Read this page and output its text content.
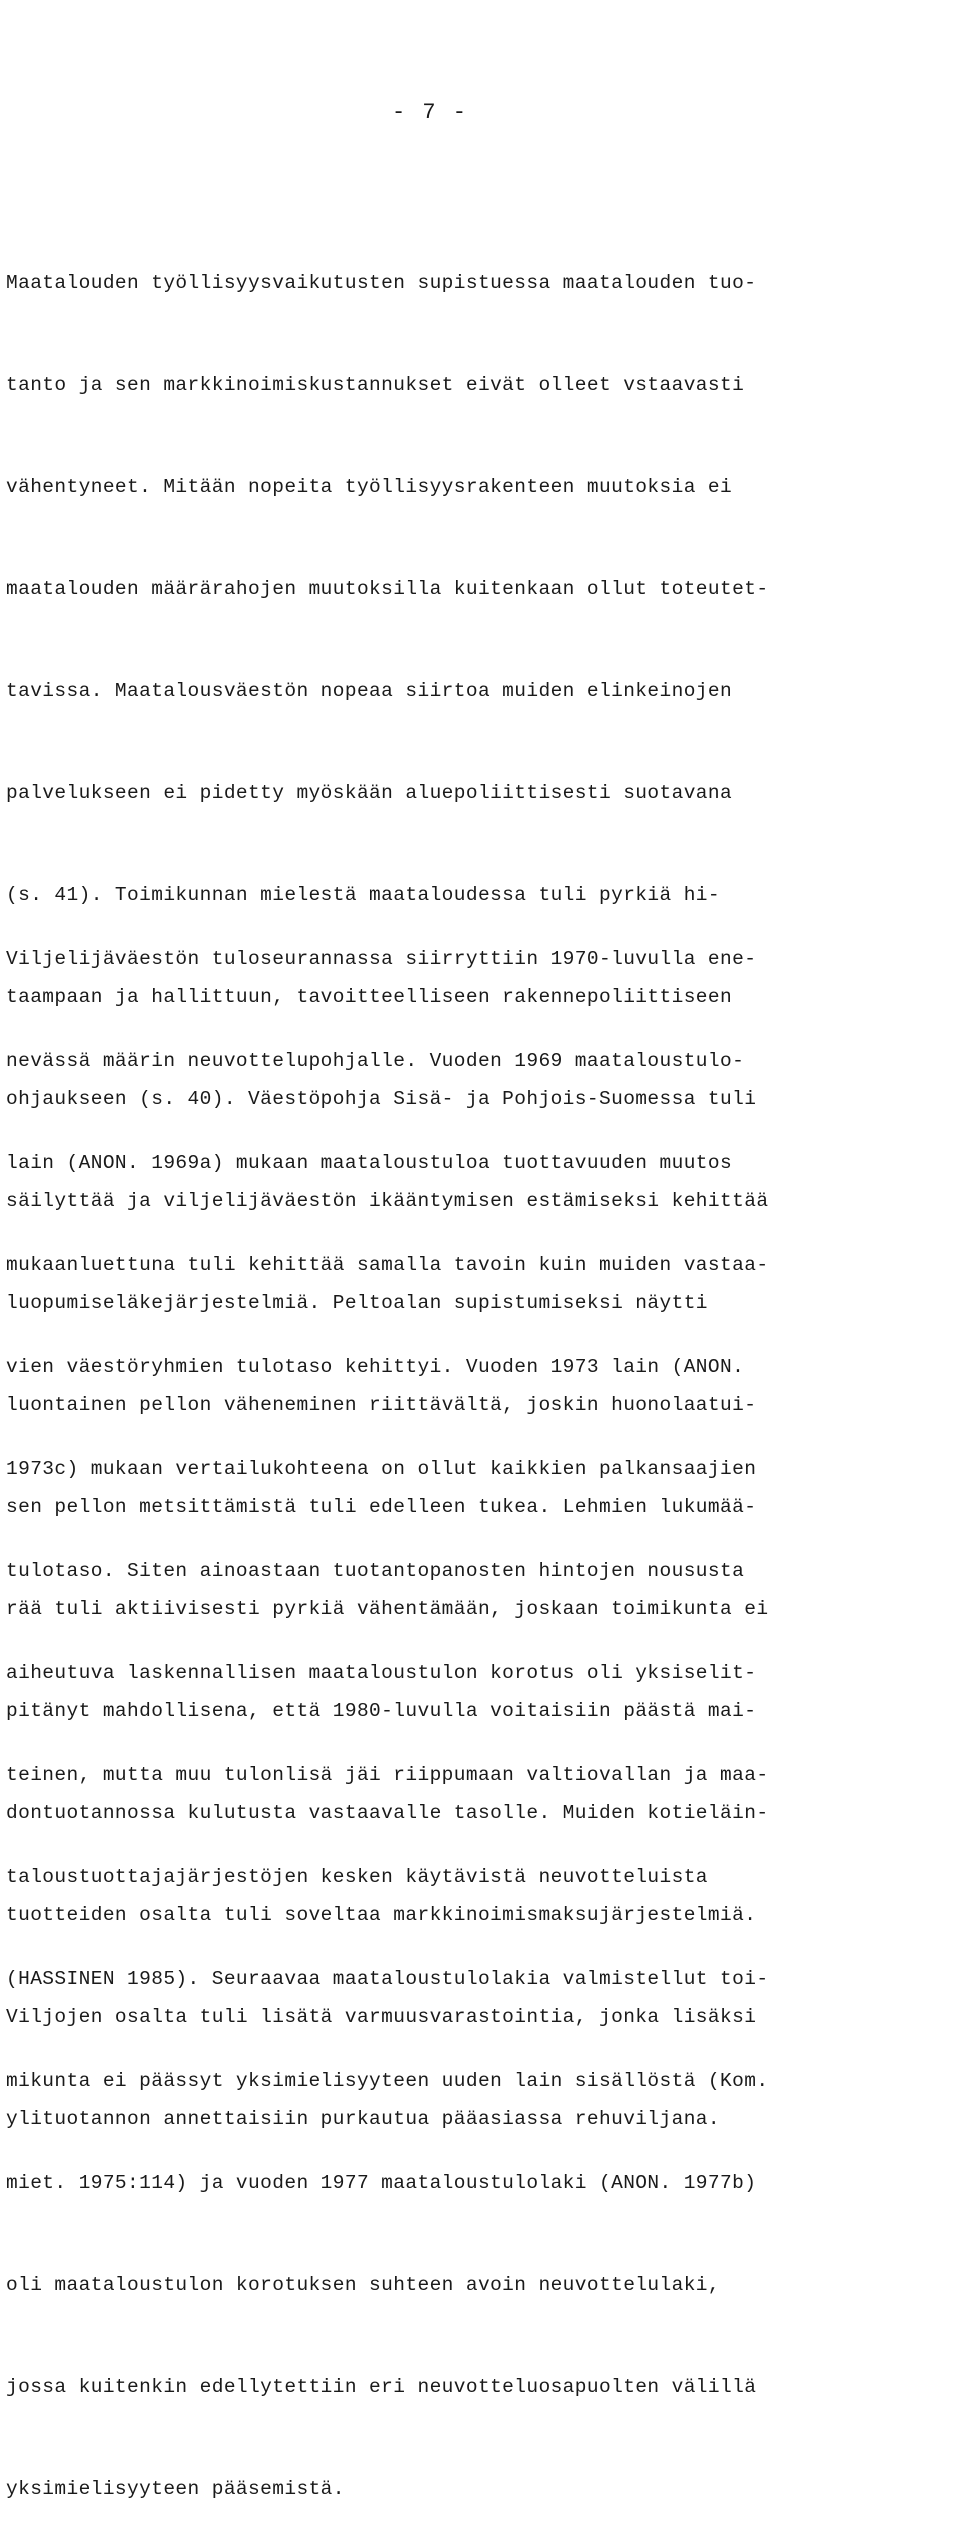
- 7 -

Maatalouden työllisyysvaikutusten supistuessa maatalouden tuo-

tanto ja sen markkinoimiskustannukset eivät olleet vstaavasti

vähentyneet. Mitään nopeita työllisyysrakenteen muutoksia ei

maatalouden määrärahojen muutoksilla kuitenkaan ollut toteutet-

tavissa. Maatalousväestön nopeaa siirtoa muiden elinkeinojen

palvelukseen ei pidetty myöskään aluepoliittisesti suotavana

(s. 41). Toimikunnan mielestä maataloudessa tuli pyrkiä hi-

taampaan ja hallittuun, tavoitteelliseen rakennepoliittiseen

ohjaukseen (s. 40). Väestöpohja Sisä- ja Pohjois-Suomessa tuli

säilyttää ja viljelijäväestön ikääntymisen estämiseksi kehittää

luopumiseläkejärjestelmiä. Peltoalan supistumiseksi näytti

luontainen pellon väheneminen riittävältä, joskin huonolaatui-

sen pellon metsittämistä tuli edelleen tukea. Lehmien lukumää-

rää tuli aktiivisesti pyrkiä vähentämään, joskaan toimikunta ei

pitänyt mahdollisena, että 1980-luvulla voitaisiin päästä mai-

dontuotannossa kulutusta vastaavalle tasolle. Muiden kotieläin-

tuotteiden osalta tuli soveltaa markkinoimismaksujärjestelmiä.

Viljojen osalta tuli lisätä varmuusvarastointia, jonka lisäksi

ylituotannon annettaisiin purkautua pääasiassa rehuviljana.

Viljelijäväestön tuloseurannassa siirryttiin 1970-luvulla ene-

nevässä määrin neuvottelupohjalle. Vuoden 1969 maataloustulo-

lain (ANON. 1969a) mukaan maataloustuloa tuottavuuden muutos

mukaanluettuna tuli kehittää samalla tavoin kuin muiden vastaa-

vien väestöryhmien tulotaso kehittyi. Vuoden 1973 lain (ANON.

1973c) mukaan vertailukohteena on ollut kaikkien palkansaajien

tulotaso. Siten ainoastaan tuotantopanosten hintojen noususta

aiheutuva laskennallisen maataloustulon korotus oli yksiselit-

teinen, mutta muu tulonlisä jäi riippumaan valtiovallan ja maa-

taloustuottajajärjestöjen kesken käytävistä neuvotteluista

(HASSINEN 1985). Seuraavaa maataloustulolakia valmistellut toi-

mikunta ei päässyt yksimielisyyteen uuden lain sisällöstä (Kom.

miet. 1975:114) ja vuoden 1977 maataloustulolaki (ANON. 1977b)

oli maataloustulon korotuksen suhteen avoin neuvottelulaki,

jossa kuitenkin edellytettiin eri neuvotteluosapuolten välillä

yksimielisyyteen pääsemistä.
